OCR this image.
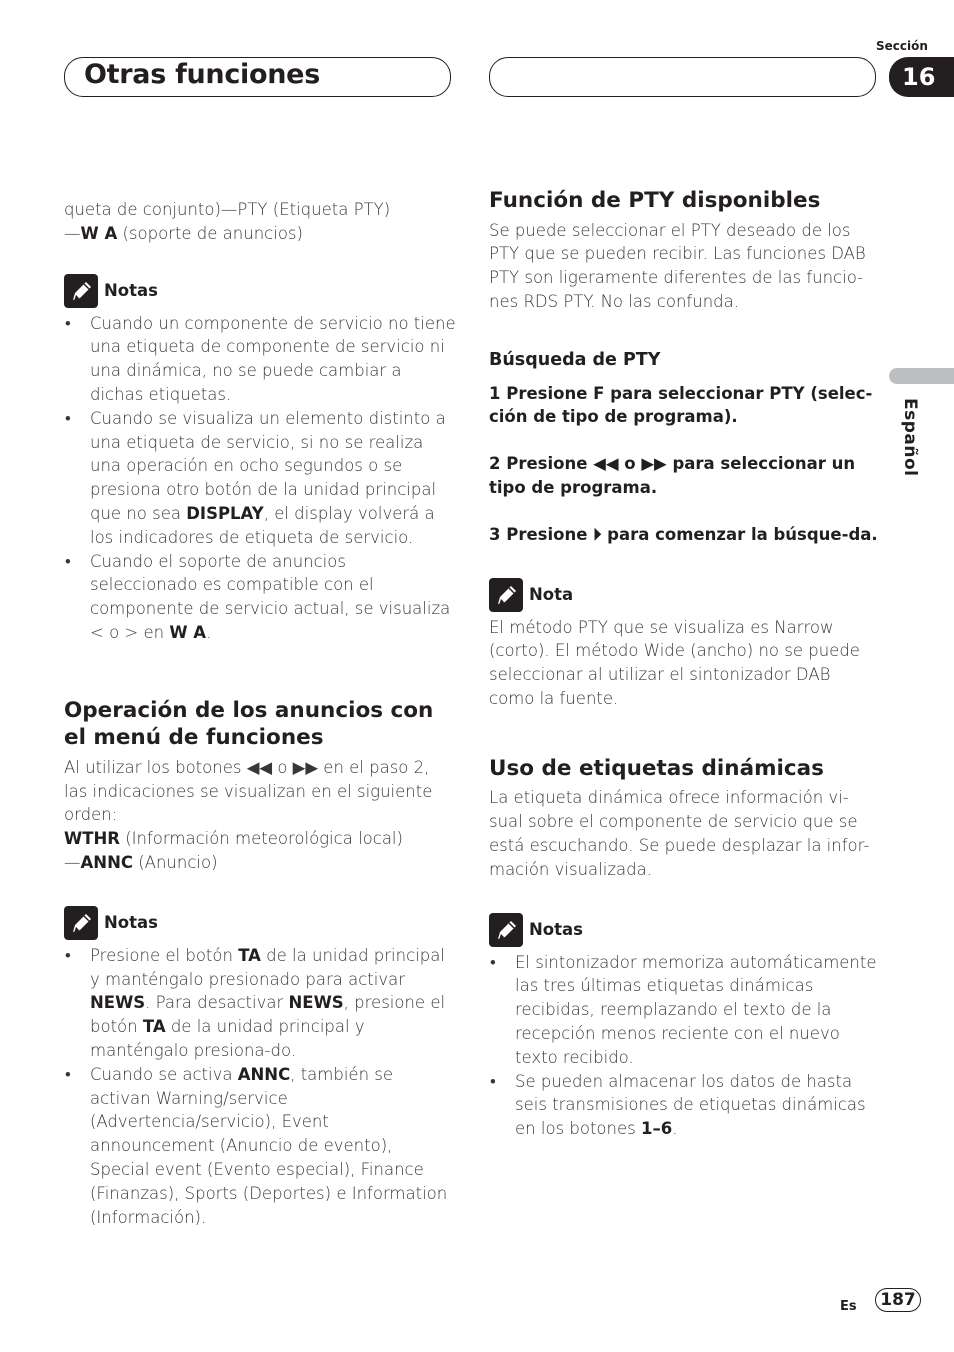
Otras funciones
Sección
16
Español

queta de conjunto)—PTY (Etiqueta PTY)
—W A (soporte de anuncios)

Notas
• Cuando un componente de servicio no tiene una etiqueta de componente de servicio ni una dinámica, no se puede cambiar a dichas etiquetas.
• Cuando se visualiza un elemento distinto a una etiqueta de servicio, si no se realiza una operación en ocho segundos o se presiona otro botón de la unidad principal que no sea DISPLAY, el display volverá a los indicadores de etiqueta de servicio.
• Cuando el soporte de anuncios seleccionado es compatible con el componente de servicio actual, se visualiza < o > en W A.
Operación de los anuncios con el menú de funciones

Al utilizar los botones ◀◀ o ▶▶ en el paso 2, las indicaciones se visualizan en el siguiente orden:
WTHR (Información meteorológica local)
—ANNC (Anuncio)

Notas
• Presione el botón TA de la unidad principal y manténgalo presionado para activar NEWS. Para desactivar NEWS, presione el botón TA de la unidad principal y manténgalo presiona-do.
• Cuando se activa ANNC, también se activan Warning/service (Advertencia/servicio), Event announcement (Anuncio de evento), Special event (Evento especial), Finance (Finanzas), Sports (Deportes) e Information (Información).
Función de PTY disponibles

Se puede seleccionar el PTY deseado de los PTY que se pueden recibir. Las funciones DAB PTY son ligeramente diferentes de las funcio-nes RDS PTY. No las confunda.

Búsqueda de PTY

1 Presione F para seleccionar PTY (selec-ción de tipo de programa).

2 Presione ◀◀ o ▶▶ para seleccionar un tipo de programa.

3 Presione ⏵ para comenzar la búsque-da.

Nota

El método PTY que se visualiza es Narrow (corto). El método Wide (ancho) no se puede seleccionar al utilizar el sintonizador DAB como la fuente.

Uso de etiquetas dinámicas

La etiqueta dinámica ofrece información vi-sual sobre el componente de servicio que se está escuchando. Se puede desplazar la infor-mación visualizada.

Notas
• El sintonizador memoriza automáticamente las tres últimas etiquetas dinámicas recibidas, reemplazando el texto de la recepción menos reciente con el nuevo texto recibido.
• Se pueden almacenar los datos de hasta seis transmisiones de etiquetas dinámicas en los botones 1–6.
Es	187
